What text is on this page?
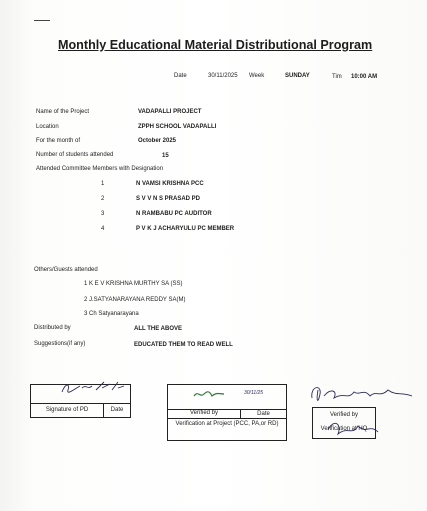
Monthly Educational Material Distributional Program
Date	30/11/2025 Week	SUNDAY	Tim 10:00 AM
Name of the Project	VADAPALLI PROJECT
Location	ZPPH SCHOOL VADAPALLI
For the month of	October 2025
Number of students attended	15
Attended Committee Members with Designation
1	N VAMSI KRISHNA PCC
2	S V V N S PRASAD PD
3	N RAMBABU PC AUDITOR
4	P V K J ACHARYULU PC MEMBER
Others/Guests attended
1 K E V KRISHNA MURTHY SA (SS)
2 J.SATYANARAYANA REDDY SA(M)
3 Ch Satyanarayana
Distributed by	ALL THE ABOVE
Suggestions(if any)	EDUCATED THEM TO READ WELL
Signature of PD	Date	Verified by	Date
Verification at Project (PCC, PA,or RD)
30/11/25
Verified by
Verification at HQ
